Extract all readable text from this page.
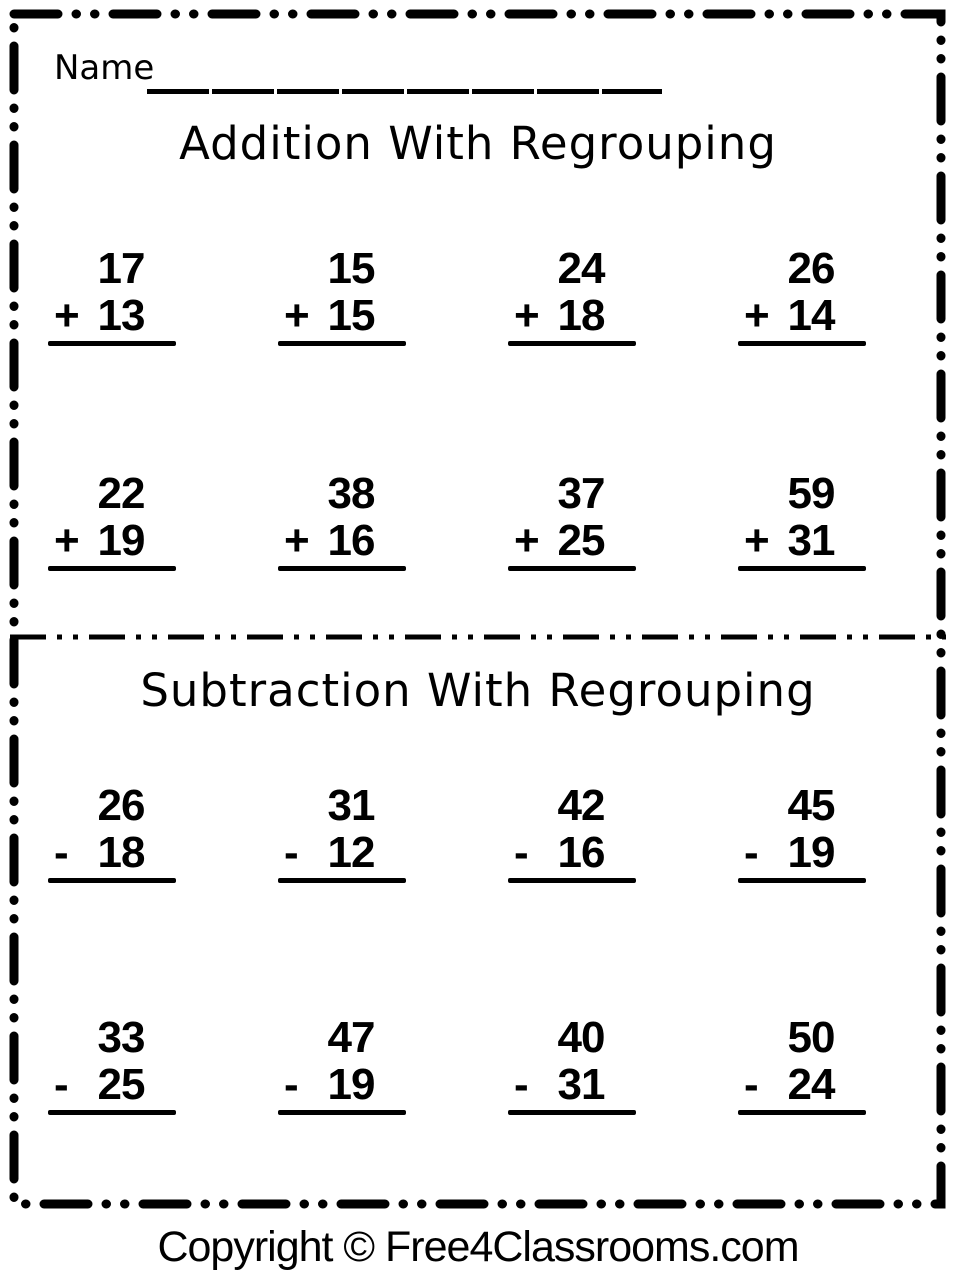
Name
Addition With Regrouping
17
+ 13
15
+ 15
24
+ 18
26
+ 14
22
+ 19
38
+ 16
37
+ 25
59
+ 31
Subtraction With Regrouping
26
- 18
31
- 12
42
- 16
45
- 19
33
- 25
47
- 19
40
- 31
50
- 24
Copyright © Free4Classrooms.com
